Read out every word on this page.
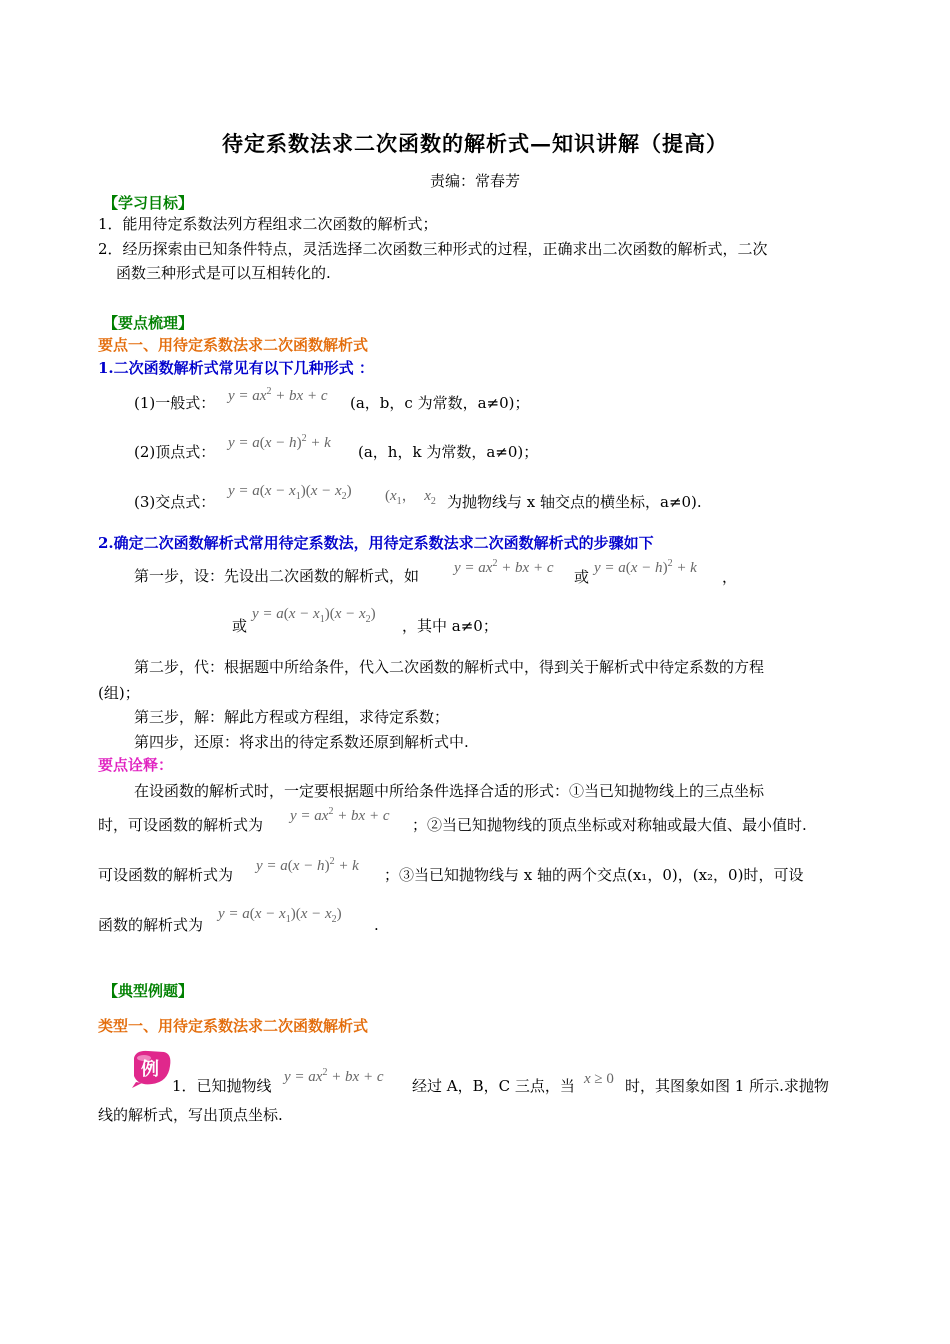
待定系数法求二次函数的解析式—知识讲解（提高）
责编：常春芳
【学习目标】
1．能用待定系数法列方程组求二次函数的解析式；
2．经历探索由已知条件特点，灵活选择二次函数三种形式的过程，正确求出二次函数的解析式，二次
函数三种形式是可以互相转化的.
【要点梳理】
要点一、用待定系数法求二次函数解析式
1.二次函数解析式常见有以下几种形式 ：
(1)一般式： $y = ax^2$ + bx + c (a，b，c 为常数，a≠0)；
(2)顶点式： $y = a(x - h)^2 + k$ (a，h，k 为常数，a≠0)；
(3)交点式：
$y = a(x - x_1)(x - x_2)$ ($x_1$，  $x_2$ 为抛物线与 x 轴交点的横坐标，a≠0).
2.确定二次函数解析式常用待定系数法，用待定系数法求二次函数解析式的步骤如下
第一步，设：先设出二次函数的解析式，如 $y = ax^2$ + bx + c 或 $y = a(x - h)^2 + k$ ，
或
$y = a(x - x_1)(x - x_2)$
，其中 a≠0；
第二步，代：根据题中所给条件，代入二次函数的解析式中，得到关于解析式中待定系数的方程
(组)；
第三步，解：解此方程或方程组，求待定系数；
第四步，还原：将求出的待定系数还原到解析式中.
要点诠释：
在设函数的解析式时，一定要根据题中所给条件选择合适的形式：①当已知抛物线上的三点坐标
时，可设函数的解析式为 $y = ax^2$ + bx + c ；②当已知抛物线的顶点坐标或对称轴或最大值、最小值时.
可设函数的解析式为 $y = a(x - h)^2 + k$ ；③当已知抛物线与 x 轴的两个交点(x₁，0)，(x₂，0)时，可设
函数的解析式为
$y = a(x - x_1)(x - x_2)$
.
【典型例题】
类型一、用待定系数法求二次函数解析式
例
1．已知抛物线 $y = ax^2$ + bx + c 经过 A，B，C 三点，当 x ≥ 0 时，其图象如图 1 所示.求抛物
线的解析式，写出顶点坐标.
